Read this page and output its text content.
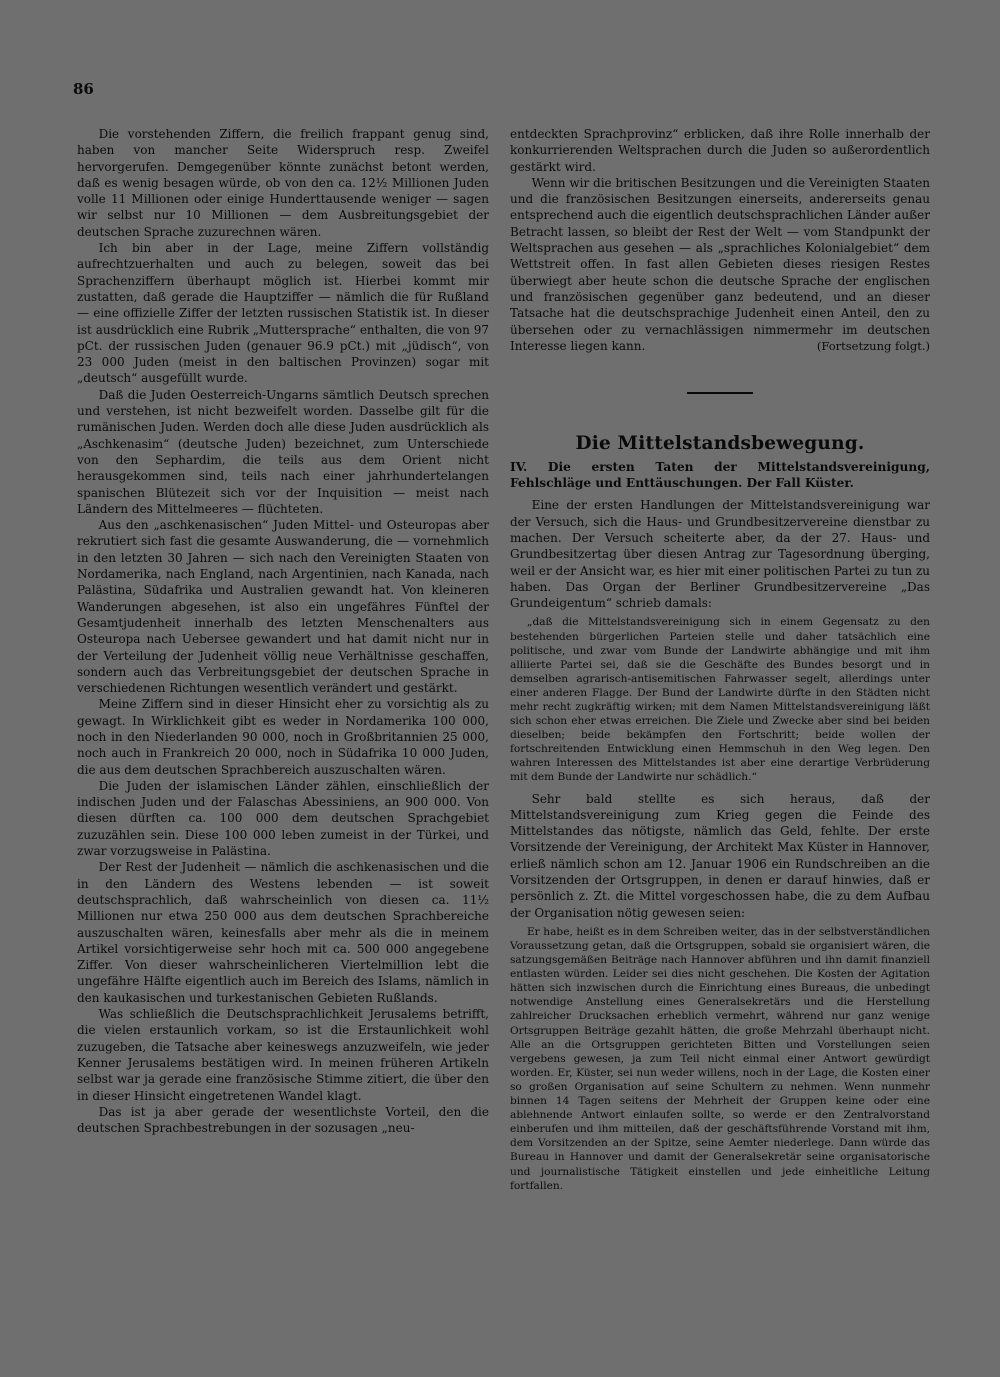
86

Die vorstehenden Ziffern, die freilich frappant genug sind, haben von mancher Seite Widerspruch resp. Zweifel hervorgerufen. Demgegenüber könnte zunächst betont werden, daß es wenig besagen würde, ob von den ca. 12½ Millionen Juden volle 11 Millionen oder einige Hunderttausende weniger — sagen wir selbst nur 10 Millionen — dem Ausbreitungsgebiet der deutschen Sprache zuzurechnen wären.

Ich bin aber in der Lage, meine Ziffern vollständig aufrechtzuerhalten und auch zu belegen, soweit das bei Sprachenziffern überhaupt möglich ist. Hierbei kommt mir zustatten, daß gerade die Hauptziffer — nämlich die für Rußland — eine offizielle Ziffer der letzten russischen Statistik ist. In dieser ist ausdrücklich eine Rubrik „Muttersprache“ enthalten, die von 97 pCt. der russischen Juden (genauer 96.9 pCt.) mit „jüdisch“, von 23 000 Juden (meist in den baltischen Provinzen) sogar mit „deutsch“ ausgefüllt wurde.

Daß die Juden Oesterreich-Ungarns sämtlich Deutsch sprechen und verstehen, ist nicht bezweifelt worden. Dasselbe gilt für die rumänischen Juden. Werden doch alle diese Juden ausdrücklich als „Aschkenasim“ (deutsche Juden) bezeichnet, zum Unterschiede von den Sephardim, die teils aus dem Orient nicht herausgekommen sind, teils nach einer jahrhundertelangen spanischen Blütezeit sich vor der Inquisition — meist nach Ländern des Mittelmeeres — flüchteten.

Aus den „aschkenasischen“ Juden Mittel- und Osteuropas aber rekrutiert sich fast die gesamte Auswanderung, die — vornehmlich in den letzten 30 Jahren — sich nach den Vereinigten Staaten von Nordamerika, nach England, nach Argentinien, nach Kanada, nach Palästina, Südafrika und Australien gewandt hat. Von kleineren Wanderungen abgesehen, ist also ein ungefähres Fünftel der Gesamtjudenheit innerhalb des letzten Menschenalters aus Osteuropa nach Uebersee gewandert und hat damit nicht nur in der Verteilung der Judenheit völlig neue Verhältnisse geschaffen, sondern auch das Verbreitungsgebiet der deutschen Sprache in verschiedenen Richtungen wesentlich verändert und gestärkt.

Meine Ziffern sind in dieser Hinsicht eher zu vorsichtig als zu gewagt. In Wirklichkeit gibt es weder in Nordamerika 100 000, noch in den Niederlanden 90 000, noch in Großbritannien 25 000, noch auch in Frankreich 20 000, noch in Südafrika 10 000 Juden, die aus dem deutschen Sprachbereich auszuschalten wären.

Die Juden der islamischen Länder zählen, einschließlich der indischen Juden und der Falaschas Abessiniens, an 900 000. Von diesen dürften ca. 100 000 dem deutschen Sprachgebiet zuzuzählen sein. Diese 100 000 leben zumeist in der Türkei, und zwar vorzugsweise in Palästina.

Der Rest der Judenheit — nämlich die aschkenasischen und die in den Ländern des Westens lebenden — ist soweit deutschsprachlich, daß wahrscheinlich von diesen ca. 11½ Millionen nur etwa 250 000 aus dem deutschen Sprachbereiche auszuschalten wären, keinesfalls aber mehr als die in meinem Artikel vorsichtigerweise sehr hoch mit ca. 500 000 angegebene Ziffer. Von dieser wahrscheinlicheren Viertelmillion lebt die ungefähre Hälfte eigentlich auch im Bereich des Islams, nämlich in den kaukasischen und turkestanischen Gebieten Rußlands.

Was schließlich die Deutschsprachlichkeit Jerusalems betrifft, die vielen erstaunlich vorkam, so ist die Erstaunlichkeit wohl zuzugeben, die Tatsache aber keineswegs anzuzweifeln, wie jeder Kenner Jerusalems bestätigen wird. In meinen früheren Artikeln selbst war ja gerade eine französische Stimme zitiert, die über den in dieser Hinsicht eingetretenen Wandel klagt.

Das ist ja aber gerade der wesentlichste Vorteil, den die deutschen Sprachbestrebungen in der sozusagen „neu-

entdeckten Sprachprovinz“ erblicken, daß ihre Rolle innerhalb der konkurrierenden Weltsprachen durch die Juden so außerordentlich gestärkt wird.

Wenn wir die britischen Besitzungen und die Vereinigten Staaten und die französischen Besitzungen einerseits, andererseits genau entsprechend auch die eigentlich deutschsprachlichen Länder außer Betracht lassen, so bleibt der Rest der Welt — vom Standpunkt der Weltsprachen aus gesehen — als „sprachliches Kolonialgebiet“ dem Wettstreit offen. In fast allen Gebieten dieses riesigen Restes überwiegt aber heute schon die deutsche Sprache der englischen und französischen gegenüber ganz bedeutend, und an dieser Tatsache hat die deutschsprachige Judenheit einen Anteil, den zu übersehen oder zu vernachlässigen nimmermehr im deutschen Interesse liegen kann.	(Fortsetzung folgt.)
Die Mittelstandsbewegung.
IV. Die ersten Taten der Mittelstandsvereinigung, Fehlschläge und Enttäuschungen. Der Fall Küster.

Eine der ersten Handlungen der Mittelstandsvereinigung war der Versuch, sich die Haus- und Grundbesitzervereine dienstbar zu machen. Der Versuch scheiterte aber, da der 27. Haus- und Grundbesitzertag über diesen Antrag zur Tagesordnung überging, weil er der Ansicht war, es hier mit einer politischen Partei zu tun zu haben. Das Organ der Berliner Grundbesitzervereine „Das Grundeigentum“ schrieb damals:

„daß die Mittelstandsvereinigung sich in einem Gegensatz zu den bestehenden bürgerlichen Parteien stelle und daher tatsächlich eine politische, und zwar vom Bunde der Landwirte abhängige und mit ihm alliierte Partei sei, daß sie die Geschäfte des Bundes besorgt und in demselben agrarisch-antisemitischen Fahrwasser segelt, allerdings unter einer anderen Flagge. Der Bund der Landwirte dürfte in den Städten nicht mehr recht zugkräftig wirken; mit dem Namen Mittelstandsvereinigung läßt sich schon eher etwas erreichen. Die Ziele und Zwecke aber sind bei beiden dieselben; beide bekämpfen den Fortschritt; beide wollen der fortschreitenden Entwicklung einen Hemmschuh in den Weg legen. Den wahren Interessen des Mittelstandes ist aber eine derartige Verbrüderung mit dem Bunde der Landwirte nur schädlich.“

Sehr bald stellte es sich heraus, daß der Mittelstandsvereinigung zum Krieg gegen die Feinde des Mittelstandes das nötigste, nämlich das Geld, fehlte. Der erste Vorsitzende der Vereinigung, der Architekt Max Küster in Hannover, erließ nämlich schon am 12. Januar 1906 ein Rundschreiben an die Vorsitzenden der Ortsgruppen, in denen er darauf hinwies, daß er persönlich z. Zt. die Mittel vorgeschossen habe, die zu dem Aufbau der Organisation nötig gewesen seien:

Er habe, heißt es in dem Schreiben weiter, das in der selbstverständlichen Voraussetzung getan, daß die Ortsgruppen, sobald sie organisiert wären, die satzungsgemäßen Beiträge nach Hannover abführen und ihn damit finanziell entlasten würden. Leider sei dies nicht geschehen. Die Kosten der Agitation hätten sich inzwischen durch die Einrichtung eines Bureaus, die unbedingt notwendige Anstellung eines Generalsekretärs und die Herstellung zahlreicher Drucksachen erheblich vermehrt, während nur ganz wenige Ortsgruppen Beiträge gezahlt hätten, die große Mehrzahl überhaupt nicht. Alle an die Ortsgruppen gerichteten Bitten und Vorstellungen seien vergebens gewesen, ja zum Teil nicht einmal einer Antwort gewürdigt worden. Er, Küster, sei nun weder willens, noch in der Lage, die Kosten einer so großen Organisation auf seine Schultern zu nehmen. Wenn nunmehr binnen 14 Tagen seitens der Mehrheit der Gruppen keine oder eine ablehnende Antwort einlaufen sollte, so werde er den Zentralvorstand einberufen und ihm mitteilen, daß der geschäftsführende Vorstand mit ihm, dem Vorsitzenden an der Spitze, seine Aemter niederlege. Dann würde das Bureau in Hannover und damit der Generalsekretär seine organisatorische und journalistische Tätigkeit einstellen und jede einheitliche Leitung fortfallen.
